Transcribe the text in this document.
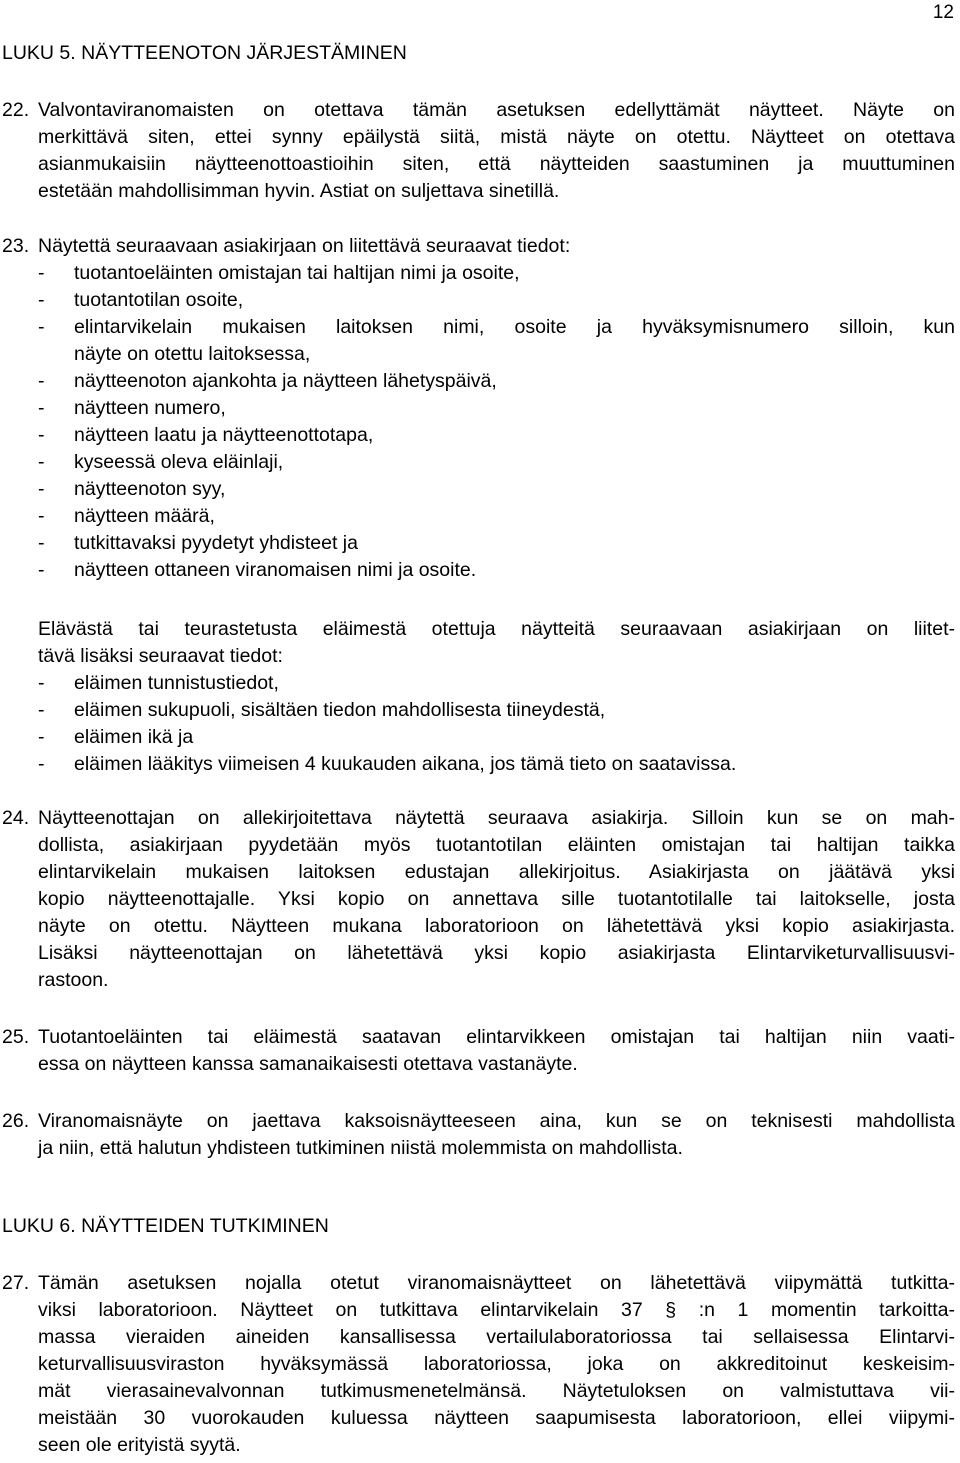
12
LUKU 5. NÄYTTEENOTON JÄRJESTÄMINEN
22. Valvontaviranomaisten on otettava tämän asetuksen edellyttämät näytteet. Näyte on
merkittävä siten, ettei synny epäilystä siitä, mistä näyte on otettu. Näytteet on otettava
asianmukaisiin näytteenottoastioihin siten, että näytteiden saastuminen ja muuttuminen
estetään mahdollisimman hyvin. Astiat on suljettava sinetillä.
23. Näytettä seuraavaan asiakirjaan on liitettävä seuraavat tiedot:
- tuotantoeläinten omistajan tai haltijan nimi ja osoite,
- tuotantotilan osoite,
- elintarvikelain mukaisen laitoksen nimi, osoite ja hyväksymisnumero silloin, kun
näyte on otettu laitoksessa,
- näytteenoton ajankohta ja näytteen lähetyspäivä,
- näytteen numero,
- näytteen laatu ja näytteenottotapa,
- kyseessä oleva eläinlaji,
- näytteenoton syy,
- näytteen määrä,
- tutkittavaksi pyydetyt yhdisteet ja
- näytteen ottaneen viranomaisen nimi ja osoite.
Elävästä tai teurastetusta eläimestä otettuja näytteitä seuraavaan asiakirjaan on liitet-
tävä lisäksi seuraavat tiedot:
- eläimen tunnistustiedot,
- eläimen sukupuoli, sisältäen tiedon mahdollisesta tiineydestä,
- eläimen ikä ja
- eläimen lääkitys viimeisen 4 kuukauden aikana, jos tämä tieto on saatavissa.
24. Näytteenottajan on allekirjoitettava näytettä seuraava asiakirja. Silloin kun se on mah-
dollista, asiakirjaan pyydetään myös tuotantotilan eläinten omistajan tai haltijan taikka
elintarvikelain mukaisen laitoksen edustajan allekirjoitus. Asiakirjasta on jäätävä yksi
kopio näytteenottajalle. Yksi kopio on annettava sille tuotantotilalle tai laitokselle, josta
näyte on otettu. Näytteen mukana laboratorioon on lähetettävä yksi kopio asiakirjasta.
Lisäksi näytteenottajan on lähetettävä yksi kopio asiakirjasta Elintarviketurvallisuusvi-
rastoon.
25. Tuotantoeläinten tai eläimestä saatavan elintarvikkeen omistajan tai haltijan niin vaati-
essa on näytteen kanssa samanaikaisesti otettava vastanäyte.
26. Viranomaisnäyte on jaettava kaksoisnäytteeseen aina, kun se on teknisesti mahdollista
ja niin, että halutun yhdisteen tutkiminen niistä molemmista on mahdollista.
LUKU 6. NÄYTTEIDEN TUTKIMINEN
27. Tämän asetuksen nojalla otetut viranomaisnäytteet on lähetettävä viipymättä tutkitta-
viksi laboratorioon. Näytteet on tutkittava elintarvikelain 37 § :n 1 momentin tarkoitta-
massa vieraiden aineiden kansallisessa vertailulaboratoriossa tai sellaisessa Elintarvi-
keturvallisuusviraston hyväksymässä laboratoriossa, joka on akkreditoinut keskeisim-
mät vierasainevalvonnan tutkimusmenetelmänsä. Näytetuloksen on valmistuttava vii-
meistään 30 vuorokauden kuluessa näytteen saapumisesta laboratorioon, ellei viipymi-
seen ole erityistä syytä.
